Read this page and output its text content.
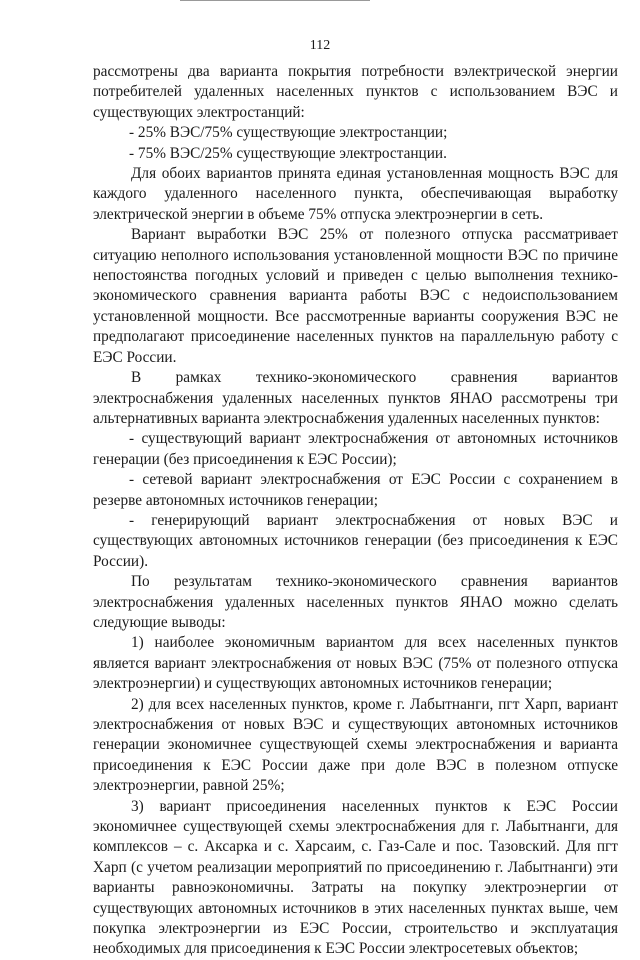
112

рассмотрены два варианта покрытия потребности вэлектрической энергии потребителей удаленных населенных пунктов с использованием ВЭС и существующих электростанций:

- 25% ВЭС/75% существующие электростанции;

- 75% ВЭС/25% существующие электростанции.

Для обоих вариантов принята единая установленная мощность ВЭС для каждого удаленного населенного пункта, обеспечивающая выработку электрической энергии в объеме 75% отпуска электроэнергии в сеть.

Вариант выработки ВЭС 25% от полезного отпуска рассматривает ситуацию неполного использования установленной мощности ВЭС по причине непостоянства погодных условий и приведен с целью выполнения технико-экономического сравнения варианта работы ВЭС с недоиспользованием установленной мощности. Все рассмотренные варианты сооружения ВЭС не предполагают присоединение населенных пунктов на параллельную работу с ЕЭС России.

В рамках технико-экономического сравнения вариантов электроснабжения удаленных населенных пунктов ЯНАО рассмотрены три альтернативных варианта электроснабжения удаленных населенных пунктов:

- существующий вариант электроснабжения от автономных источников генерации (без присоединения к ЕЭС России);

- сетевой вариант электроснабжения от ЕЭС России с сохранением в резерве автономных источников генерации;

- генерирующий вариант электроснабжения от новых ВЭС и существующих автономных источников генерации (без присоединения к ЕЭС России).

По результатам технико-экономического сравнения вариантов электроснабжения удаленных населенных пунктов ЯНАО можно сделать следующие выводы:

1) наиболее экономичным вариантом для всех населенных пунктов является вариант электроснабжения от новых ВЭС (75% от полезного отпуска электроэнергии) и существующих автономных источников генерации;

2) для всех населенных пунктов, кроме г. Лабытнанги, пгт Харп, вариант электроснабжения от новых ВЭС и существующих автономных источников генерации экономичнее существующей схемы электроснабжения и варианта присоединения к ЕЭС России даже при доле ВЭС в полезном отпуске электроэнергии, равной 25%;

3) вариант присоединения населенных пунктов к ЕЭС России экономичнее существующей схемы электроснабжения для г. Лабытнанги, для комплексов – с. Аксарка и с. Харсаим, с. Газ-Сале и пос. Тазовский. Для пгт Харп (с учетом реализации мероприятий по присоединению г. Лабытнанги) эти варианты равноэкономичны. Затраты на покупку электроэнергии от существующих автономных источников в этих населенных пунктах выше, чем покупка электроэнергии из ЕЭС России, строительство и эксплуатация необходимых для присоединения к ЕЭС России электросетевых объектов;
